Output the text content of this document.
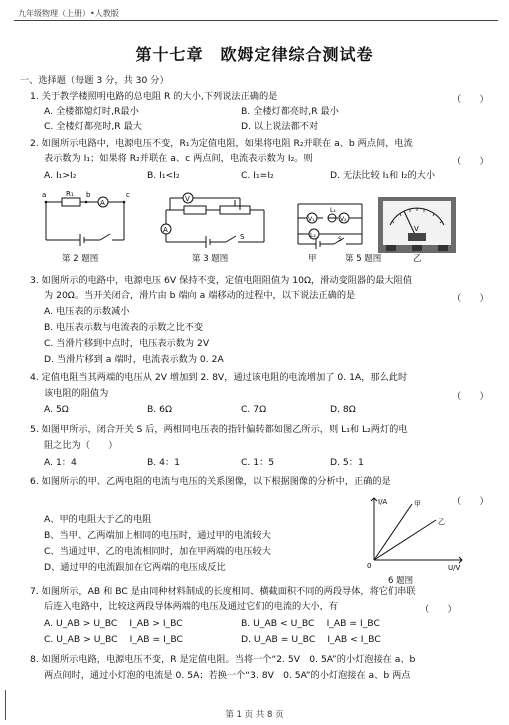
九年级物理（上册）•人教版
第十七章　欧姆定律综合测试卷
一、选择题（每题 3 分，共 30 分）
1. 关于教学楼照明电路的总电阻 R 的大小,下列说法正确的是	（　　）
A. 全楼都熄灯时,R最小	B. 全楼灯都亮时,R 最小
C. 全楼灯都亮时,R 最大	D. 以上说法都不对
2. 如图所示电路中，电源电压不变，R₁为定值电阻，如果将电阻 R₂并联在 a、b 两点间，电流
表示数为 I₁；如果将 R₂并联在 a、c 两点间，电流表示数为 I₂。则	（　　）
A. I₁>I₂	B. I₁<I₂	C. I₁=I₂	D. 无法比较 I₁和 I₂的大小
a	R₁ b
A
c
第 2 题图
V
A
S
第 3 题图
V₁	V₂
L₁
L₂
S
甲
V
乙
第 5 题图
3. 如图所示的电路中，电源电压 6V 保持不变，定值电阻阻值为 10Ω，滑动变阻器的最大阻值
为 20Ω。当开关闭合，滑片由 b 端向 a 端移动的过程中，以下说法正确的是	（　　）
A. 电压表的示数减小
B. 电压表示数与电流表的示数之比不变
C. 当滑片移到中点时，电压表示数为 2V
D. 当滑片移到 a 端时，电流表示数为 0. 2A
4. 定值电阻当其两端的电压从 2V 增加到 2. 8V，通过该电阻的电流增加了 0. 1A，那么此时
该电阻的阻值为	（　　）
A. 5Ω	B. 6Ω	C. 7Ω	D. 8Ω
5. 如图甲所示，闭合开关 S 后，两相同电压表的指针偏转都如图乙所示，则 L₁和 L₂两灯的电
阻之比为（　　）
A. 1：4	B. 4：1	C. 1：5	D. 5：1
6. 如图所示的甲、乙两电阻的电流与电压的关系图像，以下根据图像的分析中，正确的是
（　　）
A、甲的电阻大于乙的电阻
B、当甲、乙两端加上相同的电压时，通过甲的电流较大
C、当通过甲、乙的电流相同时，加在甲两端的电压较大
D、通过甲的电流跟加在它两端的电压成反比
I/A
U/V
0
甲
乙
6 题图
7. 如图所示，AB 和 BC 是由同种材料制成的长度相同、横截面积不同的两段导体，将它们串联
后连入电路中，比较这两段导体两端的电压及通过它们的电流的大小，有	（　　）
A. U_AB > U_BC　 I_AB > I_BC	B. U_AB < U_BC　 I_AB = I_BC
C. U_AB > U_BC　 I_AB = I_BC	D. U_AB = U_BC　 I_AB < I_BC
8. 如图所示电路，电源电压不变，R 是定值电阻。当将一个“2. 5V　0. 5A”的小灯泡接在 a、b
两点间时，通过小灯泡的电流是 0. 5A；若换一个“3. 8V　0. 5A”的小灯泡接在 a、b 两点
第 1 页 共 8 页
